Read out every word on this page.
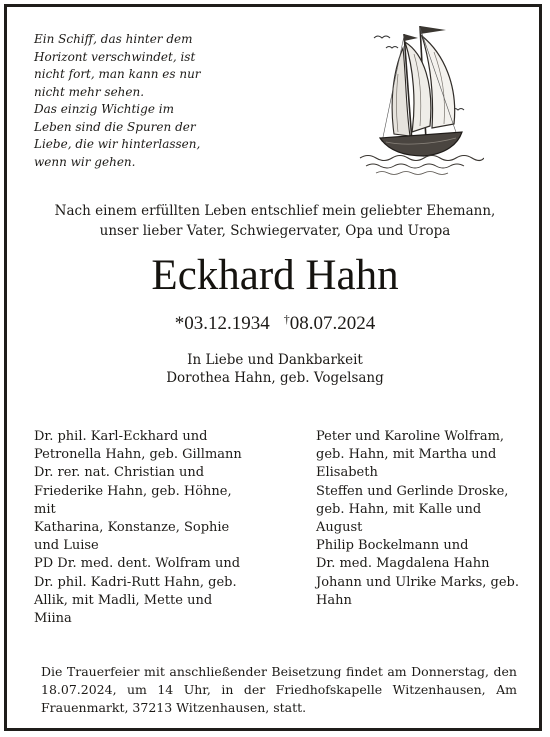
Ein Schiff, das hinter dem
Horizont verschwindet, ist
nicht fort, man kann es nur
nicht mehr sehen.
Das einzig Wichtige im
Leben sind die Spuren der
Liebe, die wir hinterlassen,
wenn wir gehen.
Nach einem erfüllten Leben entschlief mein geliebter Ehemann,
unser lieber Vater, Schwiegervater, Opa und Uropa
Eckhard Hahn
*03.12.1934 †08.07.2024
In Liebe und Dankbarkeit
Dorothea Hahn, geb. Vogelsang
Dr. phil. Karl-Eckhard und
Petronella Hahn, geb. Gillmann
Dr. rer. nat. Christian und
Friederike Hahn, geb. Höhne,
mit
Katharina, Konstanze, Sophie
und Luise
PD Dr. med. dent. Wolfram und
Dr. phil. Kadri-Rutt Hahn, geb.
Allik, mit Madli, Mette und
Miina
Peter und Karoline Wolfram,
geb. Hahn, mit Martha und
Elisabeth
Steffen und Gerlinde Droske,
geb. Hahn, mit Kalle und
August
Philip Bockelmann und
Dr. med. Magdalena Hahn
Johann und Ulrike Marks, geb.
Hahn
Die Trauerfeier mit anschließender Beisetzung findet am Donnerstag, den 18.07.2024, um 14 Uhr, in der Friedhofskapelle Witzenhausen, Am Frauenmarkt, 37213 Witzenhausen, statt.
